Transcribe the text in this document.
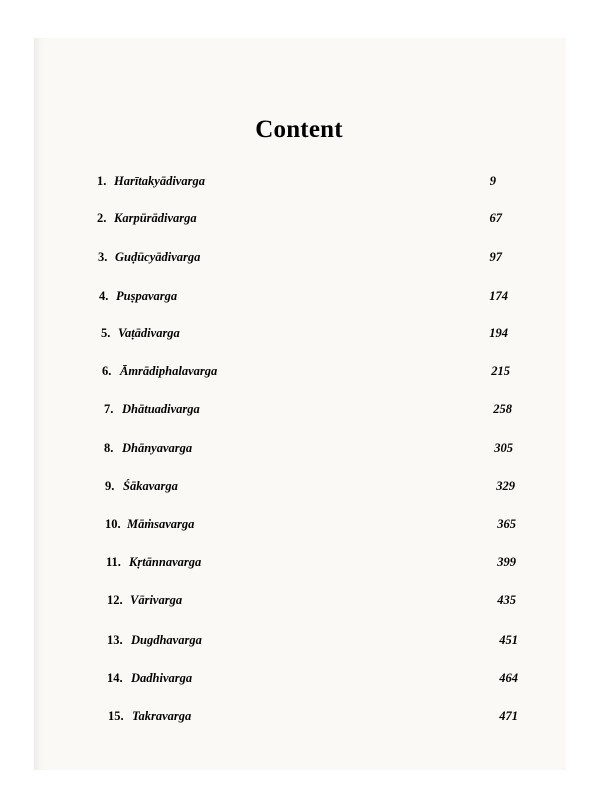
Content
1. Harītakyādivarga	9
2. Karpūrādivarga	67
3. Guḍūcyādivarga	97
4. Puṣpavarga	174
5. Vaṭādivarga	194
6. Āmrādiphalavarga	215
7. Dhātuadivarga	258
8. Dhānyavarga	305
9. Śākavarga	329
10. Māṁsavarga	365
11. Kṛtānnavarga	399
12. Vārivarga	435
13. Dugdhavarga	451
14. Dadhivarga	464
15. Takravarga	471
